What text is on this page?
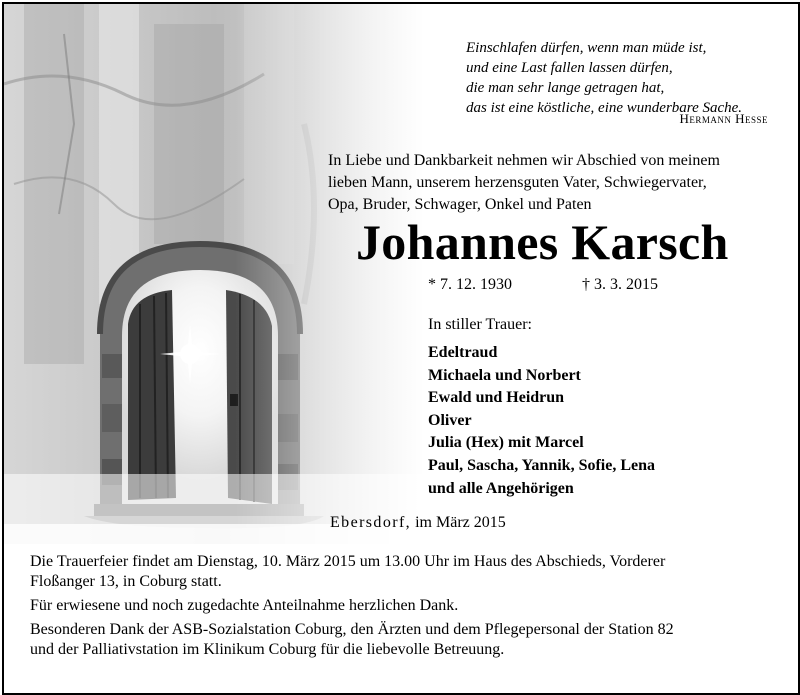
Einschlafen dürfen, wenn man müde ist,
und eine Last fallen lassen dürfen,
die man sehr lange getragen hat,
das ist eine köstliche, eine wunderbare Sache.
Hermann Hesse
In Liebe und Dankbarkeit nehmen wir Abschied von meinem
lieben Mann, unserem herzensguten Vater, Schwiegervater,
Opa, Bruder, Schwager, Onkel und Paten
Johannes Karsch
* 7. 12. 1930	† 3. 3. 2015
In stiller Trauer:
Edeltraud
Michaela und Norbert
Ewald und Heidrun
Oliver
Julia (Hex) mit Marcel
Paul, Sascha, Yannik, Sofie, Lena
und alle Angehörigen
Ebersdorf, im März 2015
Die Trauerfeier findet am Dienstag, 10. März 2015 um 13.00 Uhr im Haus des Abschieds, Vorderer
Floßanger 13, in Coburg statt.
Für erwiesene und noch zugedachte Anteilnahme herzlichen Dank.
Besonderen Dank der ASB-Sozialstation Coburg, den Ärzten und dem Pflegepersonal der Station 82
und der Palliativstation im Klinikum Coburg für die liebevolle Betreuung.
